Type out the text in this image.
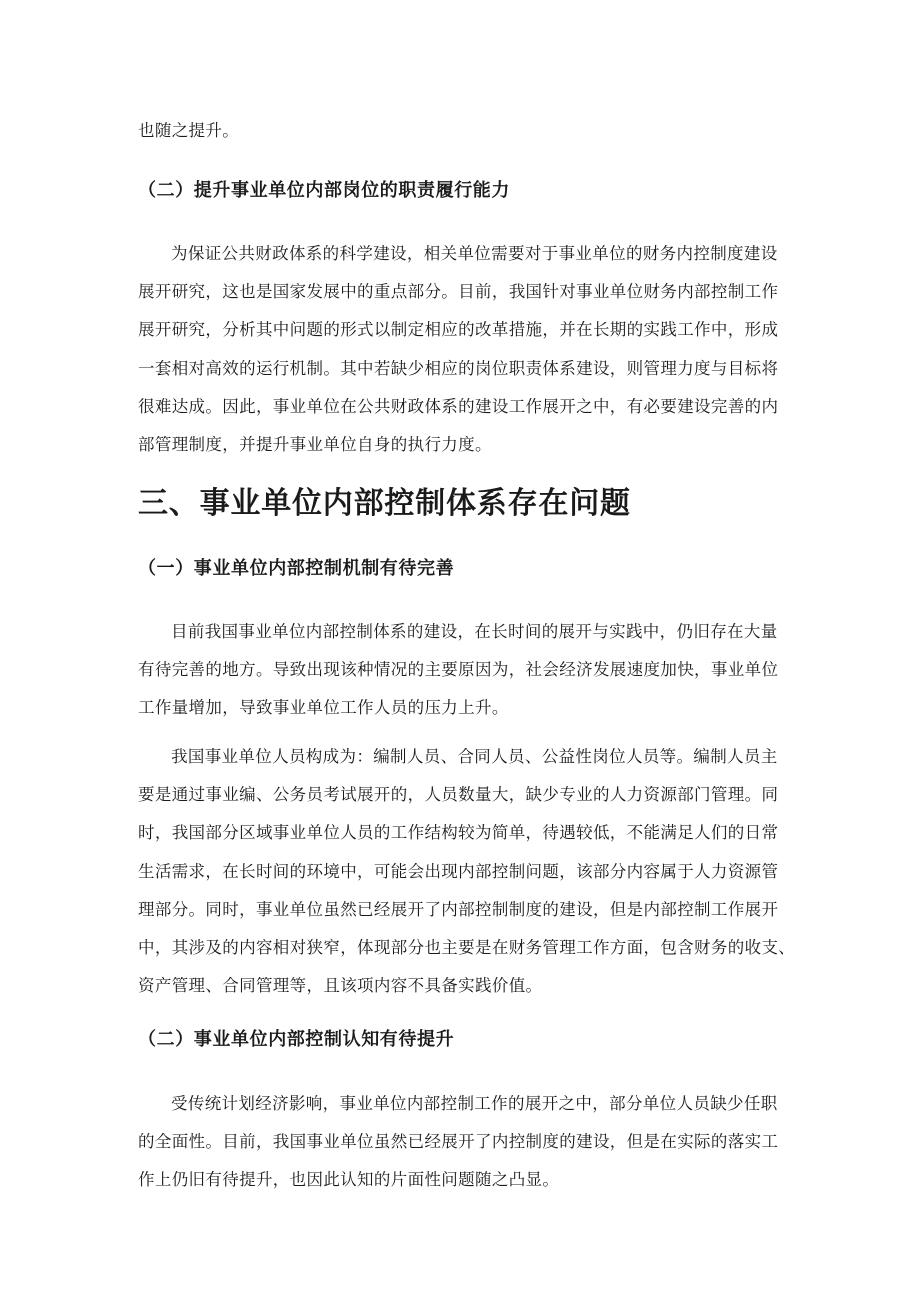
也随之提升。

（二）提升事业单位内部岗位的职责履行能力

为保证公共财政体系的科学建设，相关单位需要对于事业单位的财务内控制度建设
展开研究，这也是国家发展中的重点部分。目前，我国针对事业单位财务内部控制工作
展开研究，分析其中问题的形式以制定相应的改革措施，并在长期的实践工作中，形成
一套相对高效的运行机制。其中若缺少相应的岗位职责体系建设，则管理力度与目标将
很难达成。因此，事业单位在公共财政体系的建设工作展开之中，有必要建设完善的内
部管理制度，并提升事业单位自身的执行力度。

三、事业单位内部控制体系存在问题
（一）事业单位内部控制机制有待完善

目前我国事业单位内部控制体系的建设，在长时间的展开与实践中，仍旧存在大量
有待完善的地方。导致出现该种情况的主要原因为，社会经济发展速度加快，事业单位
工作量增加，导致事业单位工作人员的压力上升。

我国事业单位人员构成为：编制人员、合同人员、公益性岗位人员等。编制人员主
要是通过事业编、公务员考试展开的，人员数量大，缺少专业的人力资源部门管理。同
时，我国部分区域事业单位人员的工作结构较为简单，待遇较低，不能满足人们的日常
生活需求，在长时间的环境中，可能会出现内部控制问题，该部分内容属于人力资源管
理部分。同时，事业单位虽然已经展开了内部控制制度的建设，但是内部控制工作展开
中，其涉及的内容相对狭窄，体现部分也主要是在财务管理工作方面，包含财务的收支、
资产管理、合同管理等，且该项内容不具备实践价值。

（二）事业单位内部控制认知有待提升

受传统计划经济影响，事业单位内部控制工作的展开之中，部分单位人员缺少任职
的全面性。目前，我国事业单位虽然已经展开了内控制度的建设，但是在实际的落实工
作上仍旧有待提升，也因此认知的片面性问题随之凸显。
